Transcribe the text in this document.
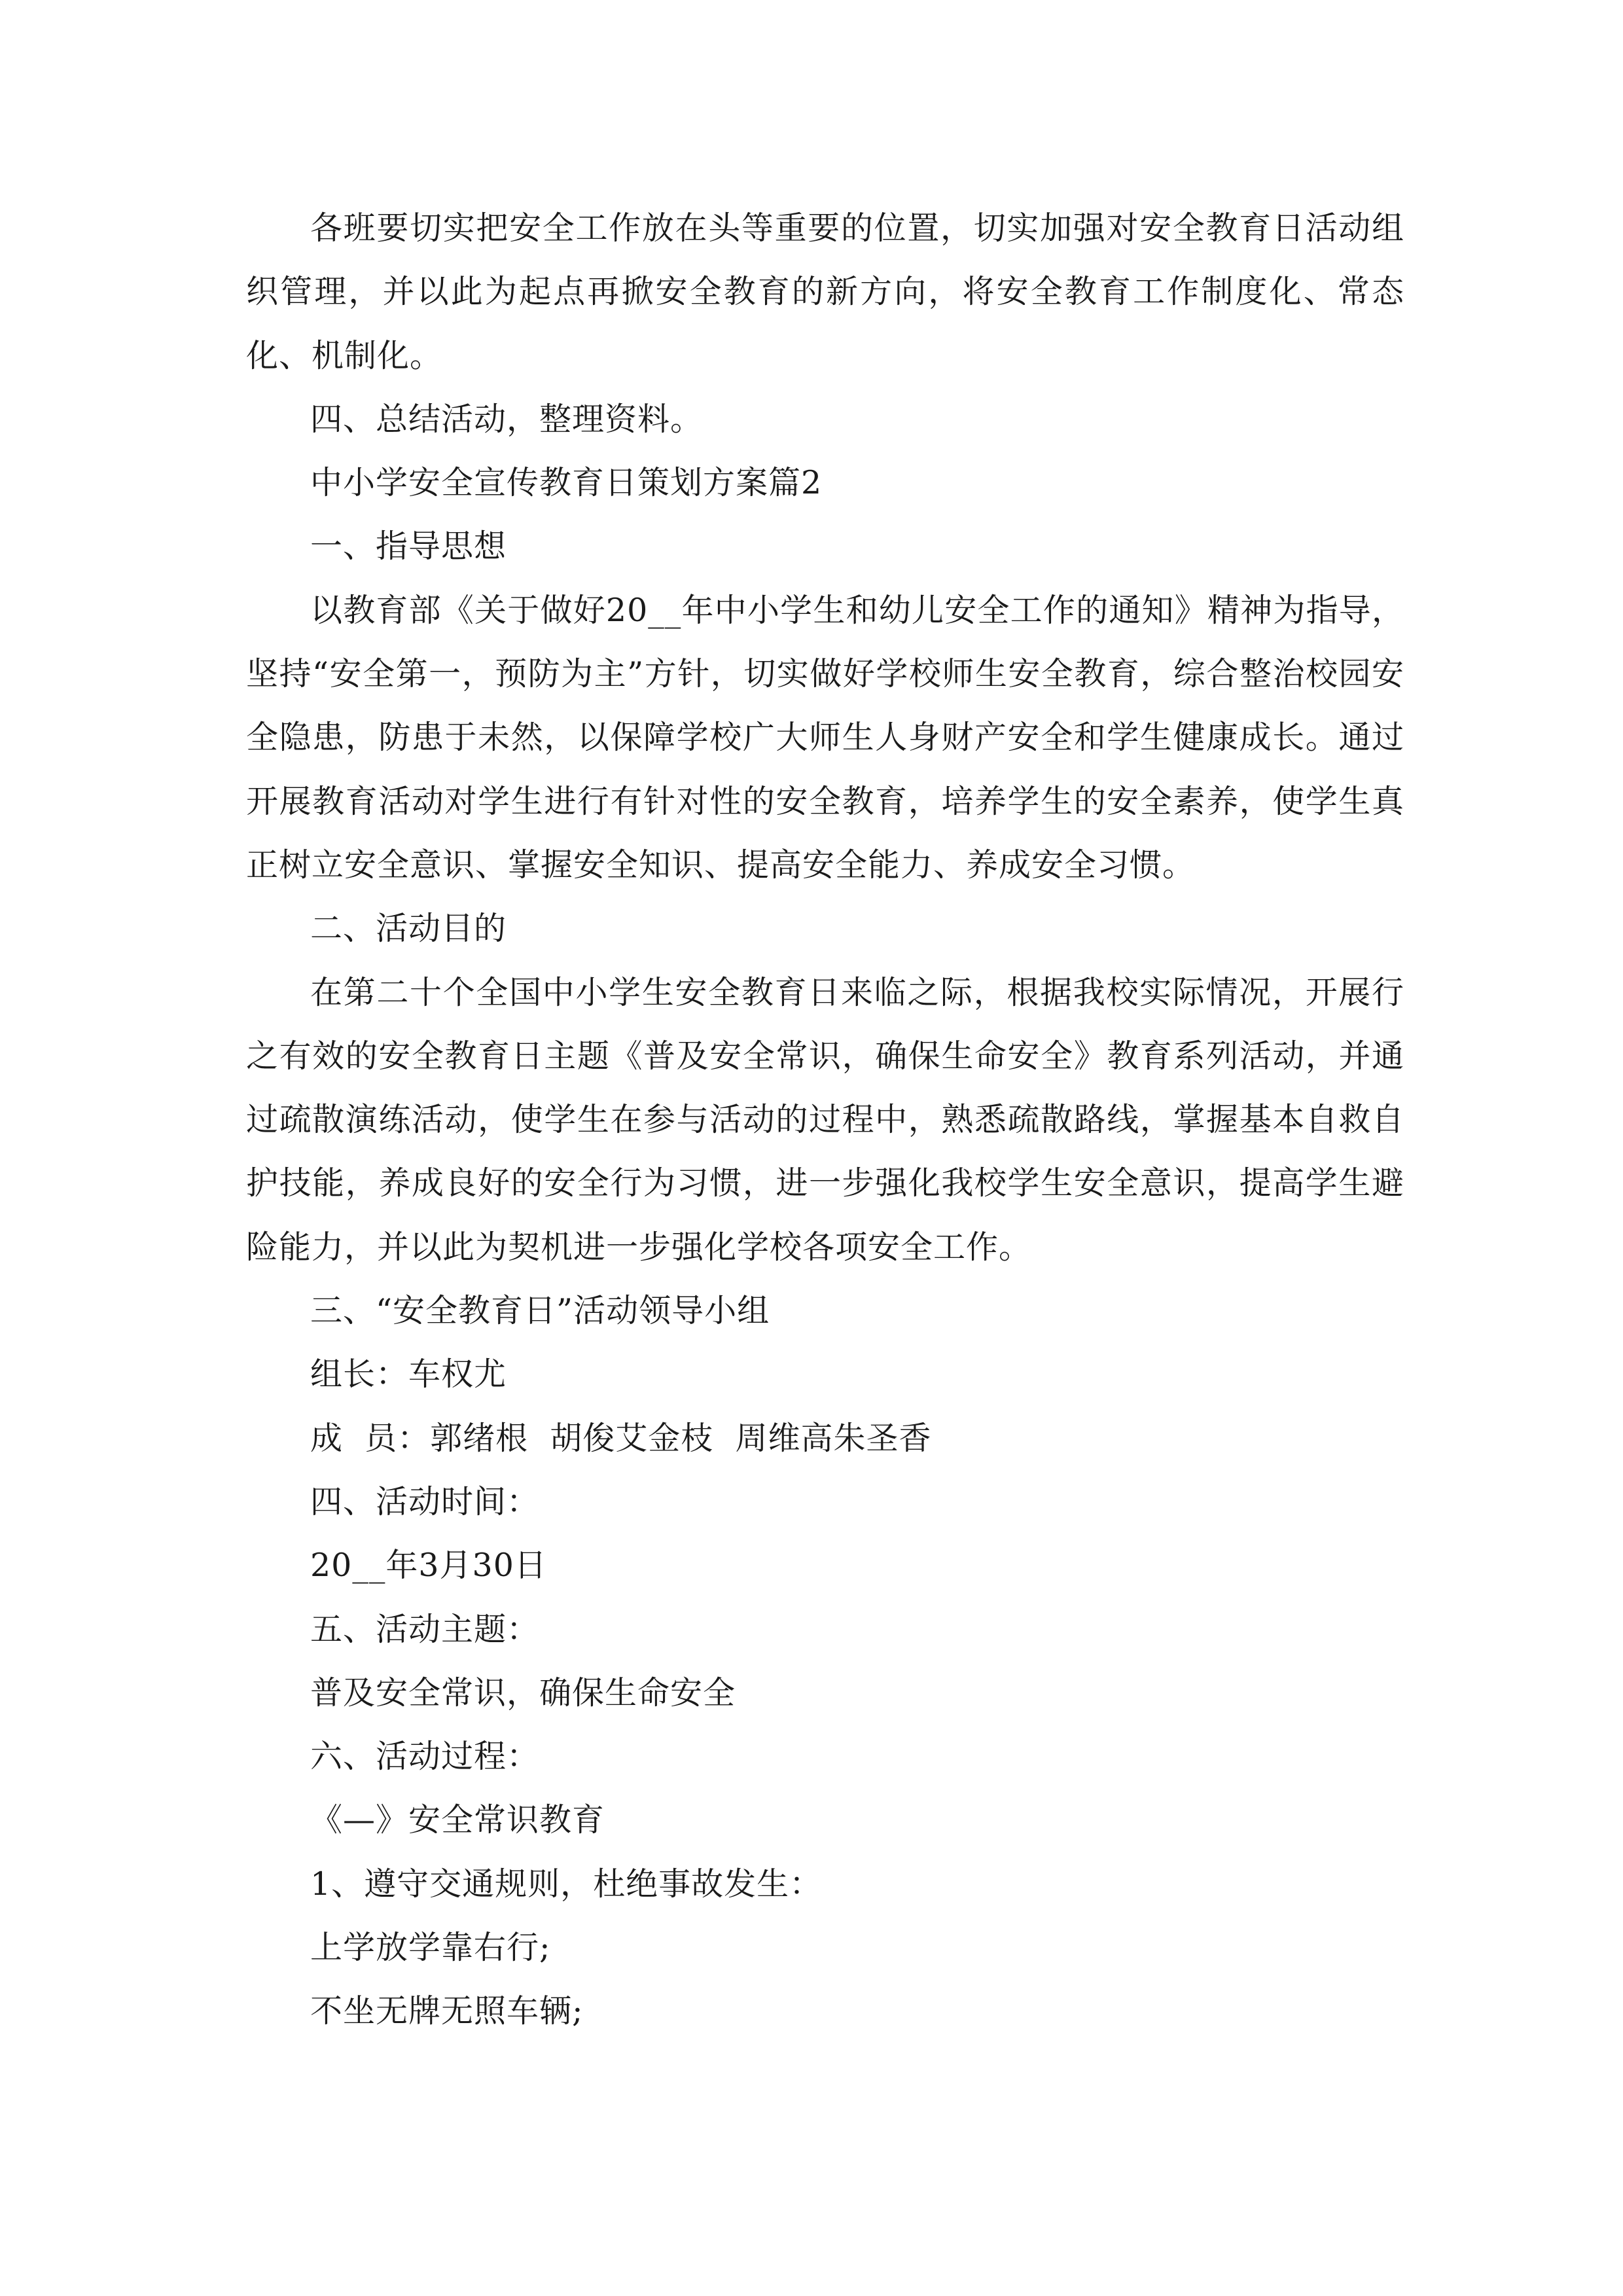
各班要切实把安全工作放在头等重要的位置，切实加强对安全教育日活动组织管理，并以此为起点再掀安全教育的新方向，将安全教育工作制度化、常态化、机制化。

四、总结活动，整理资料。

中小学安全宣传教育日策划方案篇2

一、指导思想

以教育部《关于做好20__年中小学生和幼儿安全工作的通知》精神为指导，坚持“安全第一，预防为主”方针，切实做好学校师生安全教育，综合整治校园安全隐患，防患于未然，以保障学校广大师生人身财产安全和学生健康成长。通过开展教育活动对学生进行有针对性的安全教育，培养学生的安全素养，使学生真正树立安全意识、掌握安全知识、提高安全能力、养成安全习惯。

二、活动目的

在第二十个全国中小学生安全教育日来临之际，根据我校实际情况，开展行之有效的安全教育日主题《普及安全常识，确保生命安全》教育系列活动，并通过疏散演练活动，使学生在参与活动的过程中，熟悉疏散路线，掌握基本自救自护技能，养成良好的安全行为习惯，进一步强化我校学生安全意识，提高学生避险能力，并以此为契机进一步强化学校各项安全工作。

三、“安全教育日”活动领导小组

组长：车权尤

成  员：郭绪根  胡俊艾金枝  周维高朱圣香

四、活动时间：

20__年3月30日

五、活动主题：

普及安全常识，确保生命安全

六、活动过程：

《—》安全常识教育

1、遵守交通规则，杜绝事故发生：

上学放学靠右行;

不坐无牌无照车辆;
